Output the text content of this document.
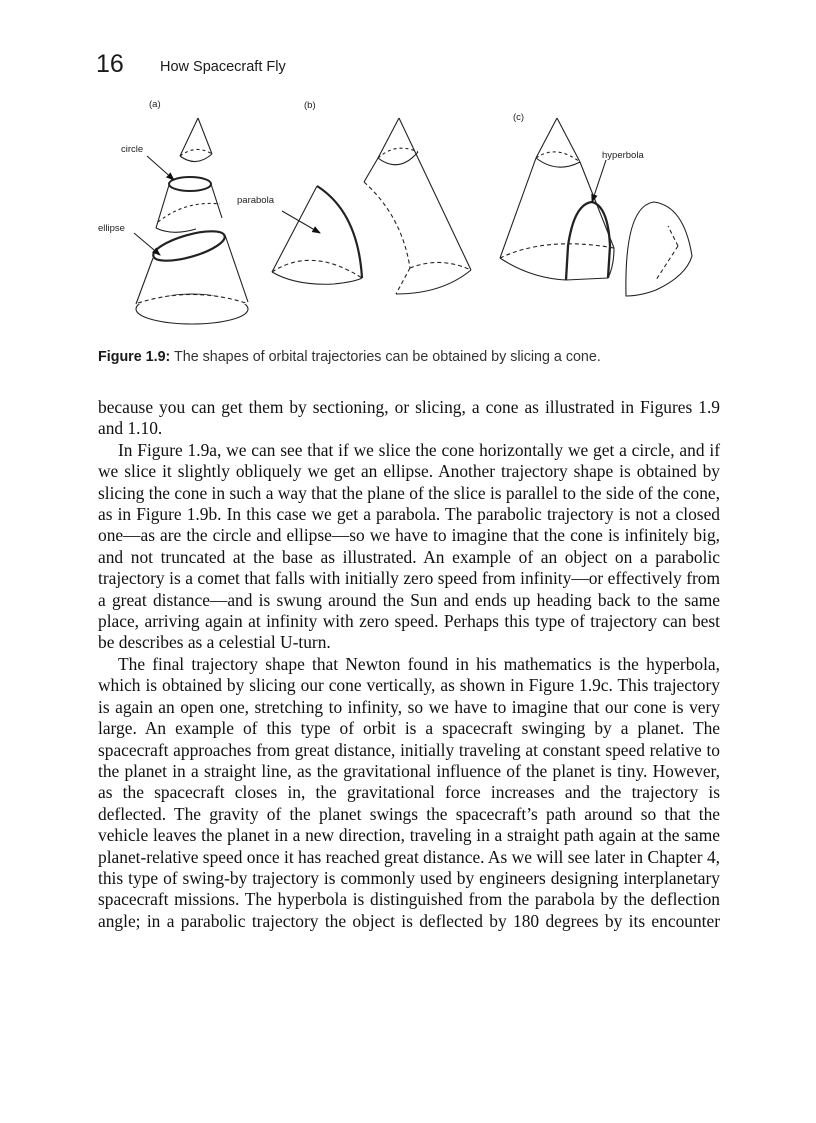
16 How Spacecraft Fly
(a)	(b)
(c)
circle
ellipse
parabola
hyperbola
Figure 1.9: The shapes of orbital trajectories can be obtained by slicing a cone.

because you can get them by sectioning, or slicing, a cone as illustrated in Figures 1.9 and 1.10.

In Figure 1.9a, we can see that if we slice the cone horizontally we get a circle, and if we slice it slightly obliquely we get an ellipse. Another trajectory shape is obtained by slicing the cone in such a way that the plane of the slice is parallel to the side of the cone, as in Figure 1.9b. In this case we get a parabola. The parabolic trajectory is not a closed one—as are the circle and ellipse—so we have to imagine that the cone is infinitely big, and not truncated at the base as illustrated. An example of an object on a parabolic trajectory is a comet that falls with initially zero speed from infinity—or effectively from a great distance—and is swung around the Sun and ends up heading back to the same place, arriving again at infinity with zero speed. Perhaps this type of trajectory can best be describes as a celestial U-turn.

The final trajectory shape that Newton found in his mathematics is the hyperbola, which is obtained by slicing our cone vertically, as shown in Figure 1.9c. This trajectory is again an open one, stretching to infinity, so we have to imagine that our cone is very large. An example of this type of orbit is a spacecraft swinging by a planet. The spacecraft approaches from great distance, initially traveling at constant speed relative to the planet in a straight line, as the gravitational influence of the planet is tiny. However, as the spacecraft closes in, the gravitational force increases and the trajectory is deflected. The gravity of the planet swings the spacecraft’s path around so that the vehicle leaves the planet in a new direction, traveling in a straight path again at the same planet-relative speed once it has reached great distance. As we will see later in Chapter 4, this type of swing-by trajectory is commonly used by engineers designing interplanetary spacecraft missions. The hyperbola is distinguished from the parabola by the deflection angle; in a parabolic trajectory the object is deflected by 180 degrees by its encounter
